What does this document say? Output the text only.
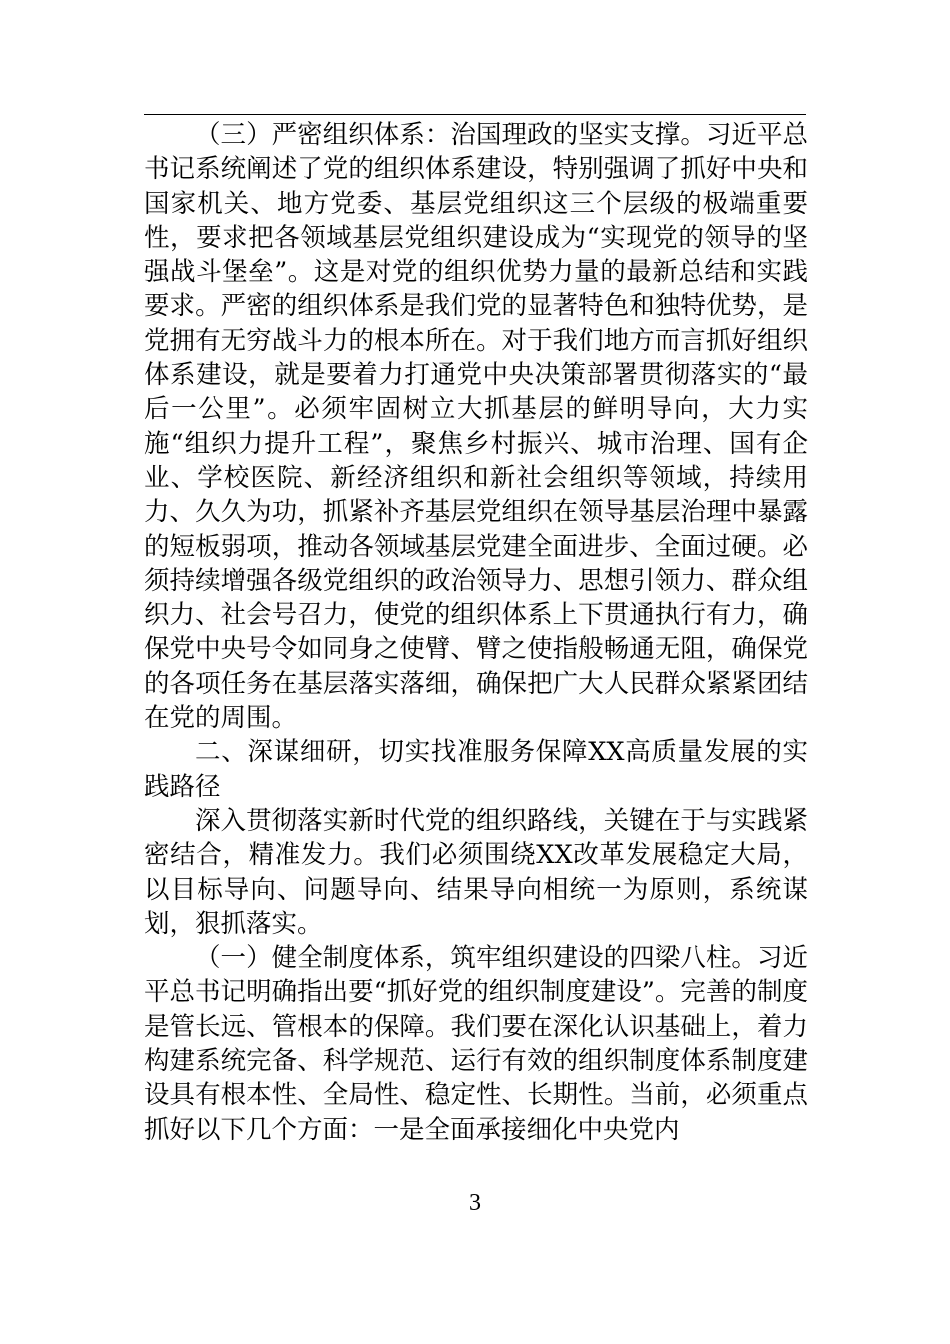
（三）严密组织体系：治国理政的坚实支撑。习近平总书记系统阐述了党的组织体系建设，特别强调了抓好中央和国家机关、地方党委、基层党组织这三个层级的极端重要性，要求把各领域基层党组织建设成为“实现党的领导的坚强战斗堡垒”。这是对党的组织优势力量的最新总结和实践要求。严密的组织体系是我们党的显著特色和独特优势，是党拥有无穷战斗力的根本所在。对于我们地方而言抓好组织体系建设，就是要着力打通党中央决策部署贯彻落实的“最后一公里”。必须牢固树立大抓基层的鲜明导向，大力实施“组织力提升工程”，聚焦乡村振兴、城市治理、国有企业、学校医院、新经济组织和新社会组织等领域，持续用力、久久为功，抓紧补齐基层党组织在领导基层治理中暴露的短板弱项，推动各领域基层党建全面进步、全面过硬。必须持续增强各级党组织的政治领导力、思想引领力、群众组织力、社会号召力，使党的组织体系上下贯通执行有力，确保党中央号令如同身之使臂、臂之使指般畅通无阻，确保党的各项任务在基层落实落细，确保把广大人民群众紧紧团结在党的周围。

二、深谋细研，切实找准服务保障XX高质量发展的实践路径

深入贯彻落实新时代党的组织路线，关键在于与实践紧密结合，精准发力。我们必须围绕XX改革发展稳定大局，以目标导向、问题导向、结果导向相统一为原则，系统谋划，狠抓落实。

（一）健全制度体系，筑牢组织建设的四梁八柱。习近平总书记明确指出要“抓好党的组织制度建设”。完善的制度是管长远、管根本的保障。我们要在深化认识基础上，着力构建系统完备、科学规范、运行有效的组织制度体系制度建设具有根本性、全局性、稳定性、长期性。当前，必须重点抓好以下几个方面：一是全面承接细化中央党内

3
